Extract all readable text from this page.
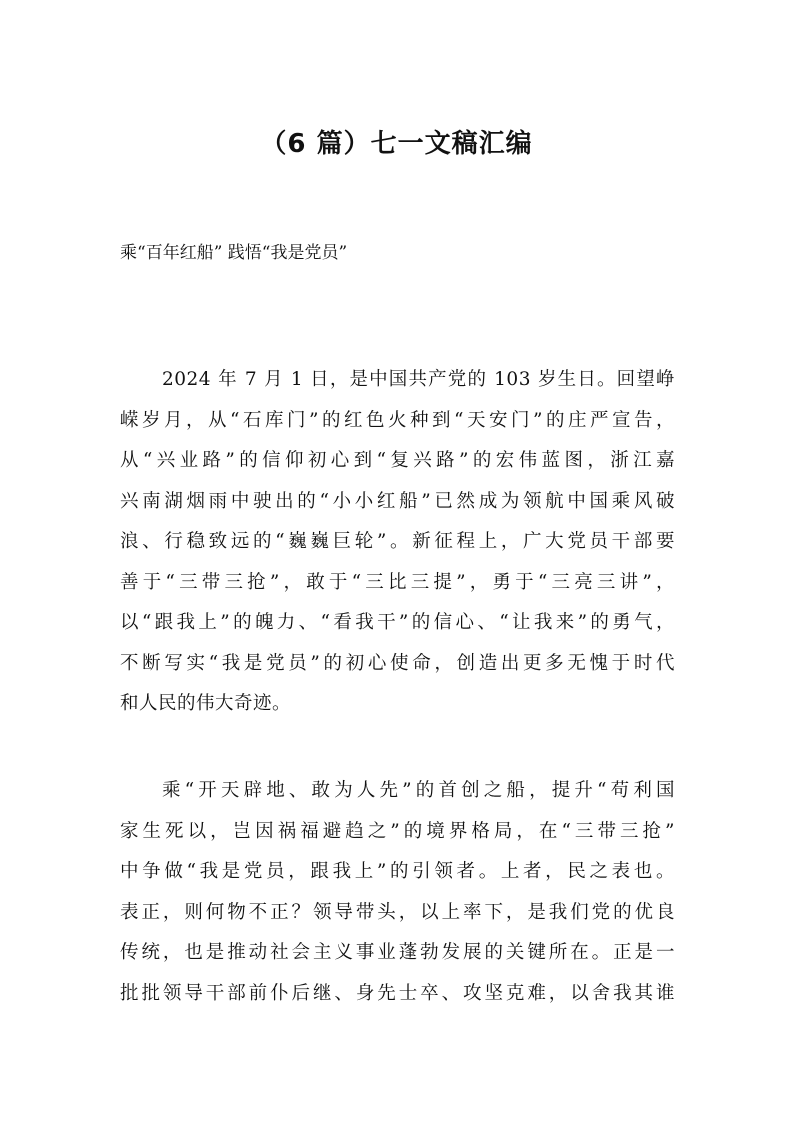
（6 篇）七一文稿汇编
乘“百年红船” 践悟“我是党员”
2024 年 7 月 1 日，是中国共产党的 103 岁生日。回望峥
嵘岁月，从“石库门”的红色火种到“天安门”的庄严宣告，
从“兴业路”的信仰初心到“复兴路”的宏伟蓝图，浙江嘉
兴南湖烟雨中驶出的“小小红船”已然成为领航中国乘风破
浪、行稳致远的“巍巍巨轮”。新征程上，广大党员干部要
善于“三带三抢”，敢于“三比三提”，勇于“三亮三讲”，
以“跟我上”的魄力、“看我干”的信心、“让我来”的勇气，
不断写实“我是党员”的初心使命，创造出更多无愧于时代
和人民的伟大奇迹。
乘“开天辟地、敢为人先”的首创之船，提升“苟利国
家生死以，岂因祸福避趋之”的境界格局，在“三带三抢”
中争做“我是党员，跟我上”的引领者。上者，民之表也。
表正，则何物不正？领导带头，以上率下，是我们党的优良
传统，也是推动社会主义事业蓬勃发展的关键所在。正是一
批批领导干部前仆后继、身先士卒、攻坚克难，以舍我其谁
